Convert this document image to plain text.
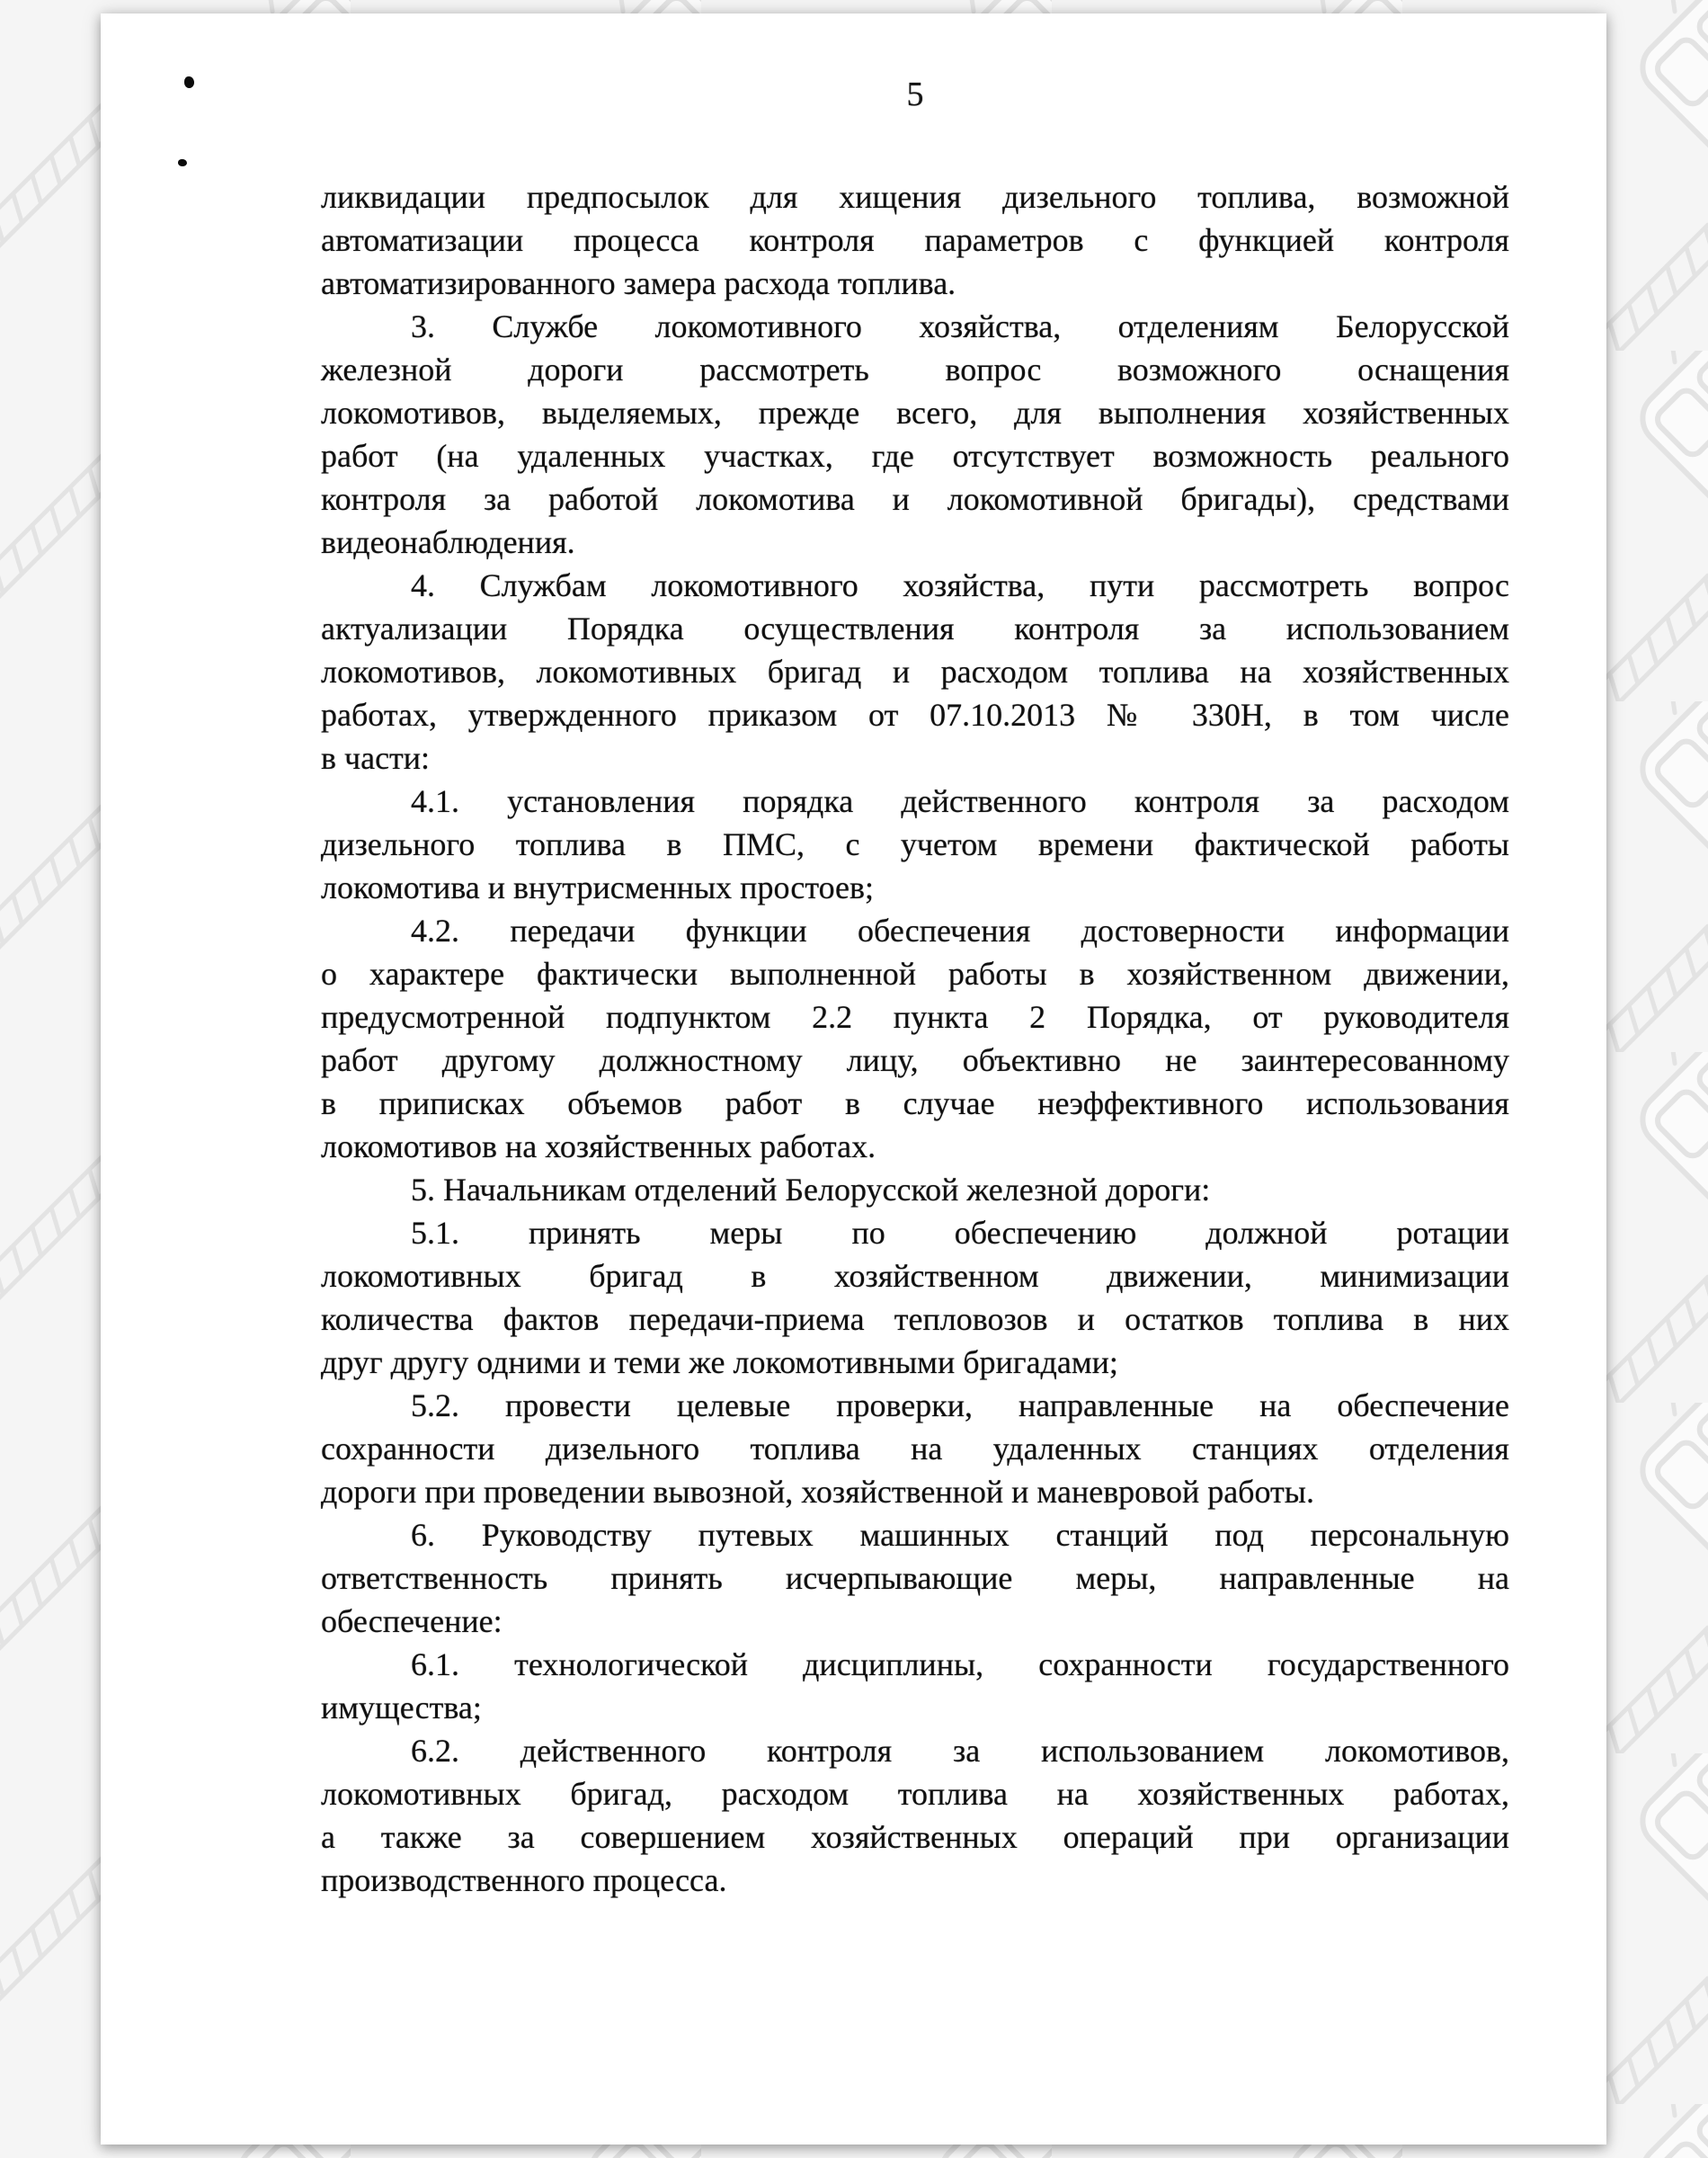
5
ликвидации предпосылок для хищения дизельного топлива, возможной
автоматизации процесса контроля параметров с функцией контроля
автоматизированного замера расхода топлива.
3. Службе локомотивного хозяйства, отделениям Белорусской
железной дороги рассмотреть вопрос возможного оснащения
локомотивов, выделяемых, прежде всего, для выполнения хозяйственных
работ (на удаленных участках, где отсутствует возможность реального
контроля за работой локомотива и локомотивной бригады), средствами
видеонаблюдения.
4. Службам локомотивного хозяйства, пути рассмотреть вопрос
актуализации Порядка осуществления контроля за использованием
локомотивов, локомотивных бригад и расходом топлива на хозяйственных
работах, утвержденного приказом от 07.10.2013 № 330Н, в том числе
в части:
4.1. установления порядка действенного контроля за расходом
дизельного топлива в ПМС, с учетом времени фактической работы
локомотива и внутрисменных простоев;
4.2. передачи функции обеспечения достоверности информации
о характере фактически выполненной работы в хозяйственном движении,
предусмотренной подпунктом 2.2 пункта 2 Порядка, от руководителя
работ другому должностному лицу, объективно не заинтересованному
в приписках объемов работ в случае неэффективного использования
локомотивов на хозяйственных работах.
5. Начальникам отделений Белорусской железной дороги:
5.1. принять меры по обеспечению должной ротации
локомотивных бригад в хозяйственном движении, минимизации
количества фактов передачи-приема тепловозов и остатков топлива в них
друг другу одними и теми же локомотивными бригадами;
5.2. провести целевые проверки, направленные на обеспечение
сохранности дизельного топлива на удаленных станциях отделения
дороги при проведении вывозной, хозяйственной и маневровой работы.
6. Руководству путевых машинных станций под персональную
ответственность принять исчерпывающие меры, направленные на
обеспечение:
6.1. технологической дисциплины, сохранности государственного
имущества;
6.2. действенного контроля за использованием локомотивов,
локомотивных бригад, расходом топлива на хозяйственных работах,
а также за совершением хозяйственных операций при организации
производственного процесса.
